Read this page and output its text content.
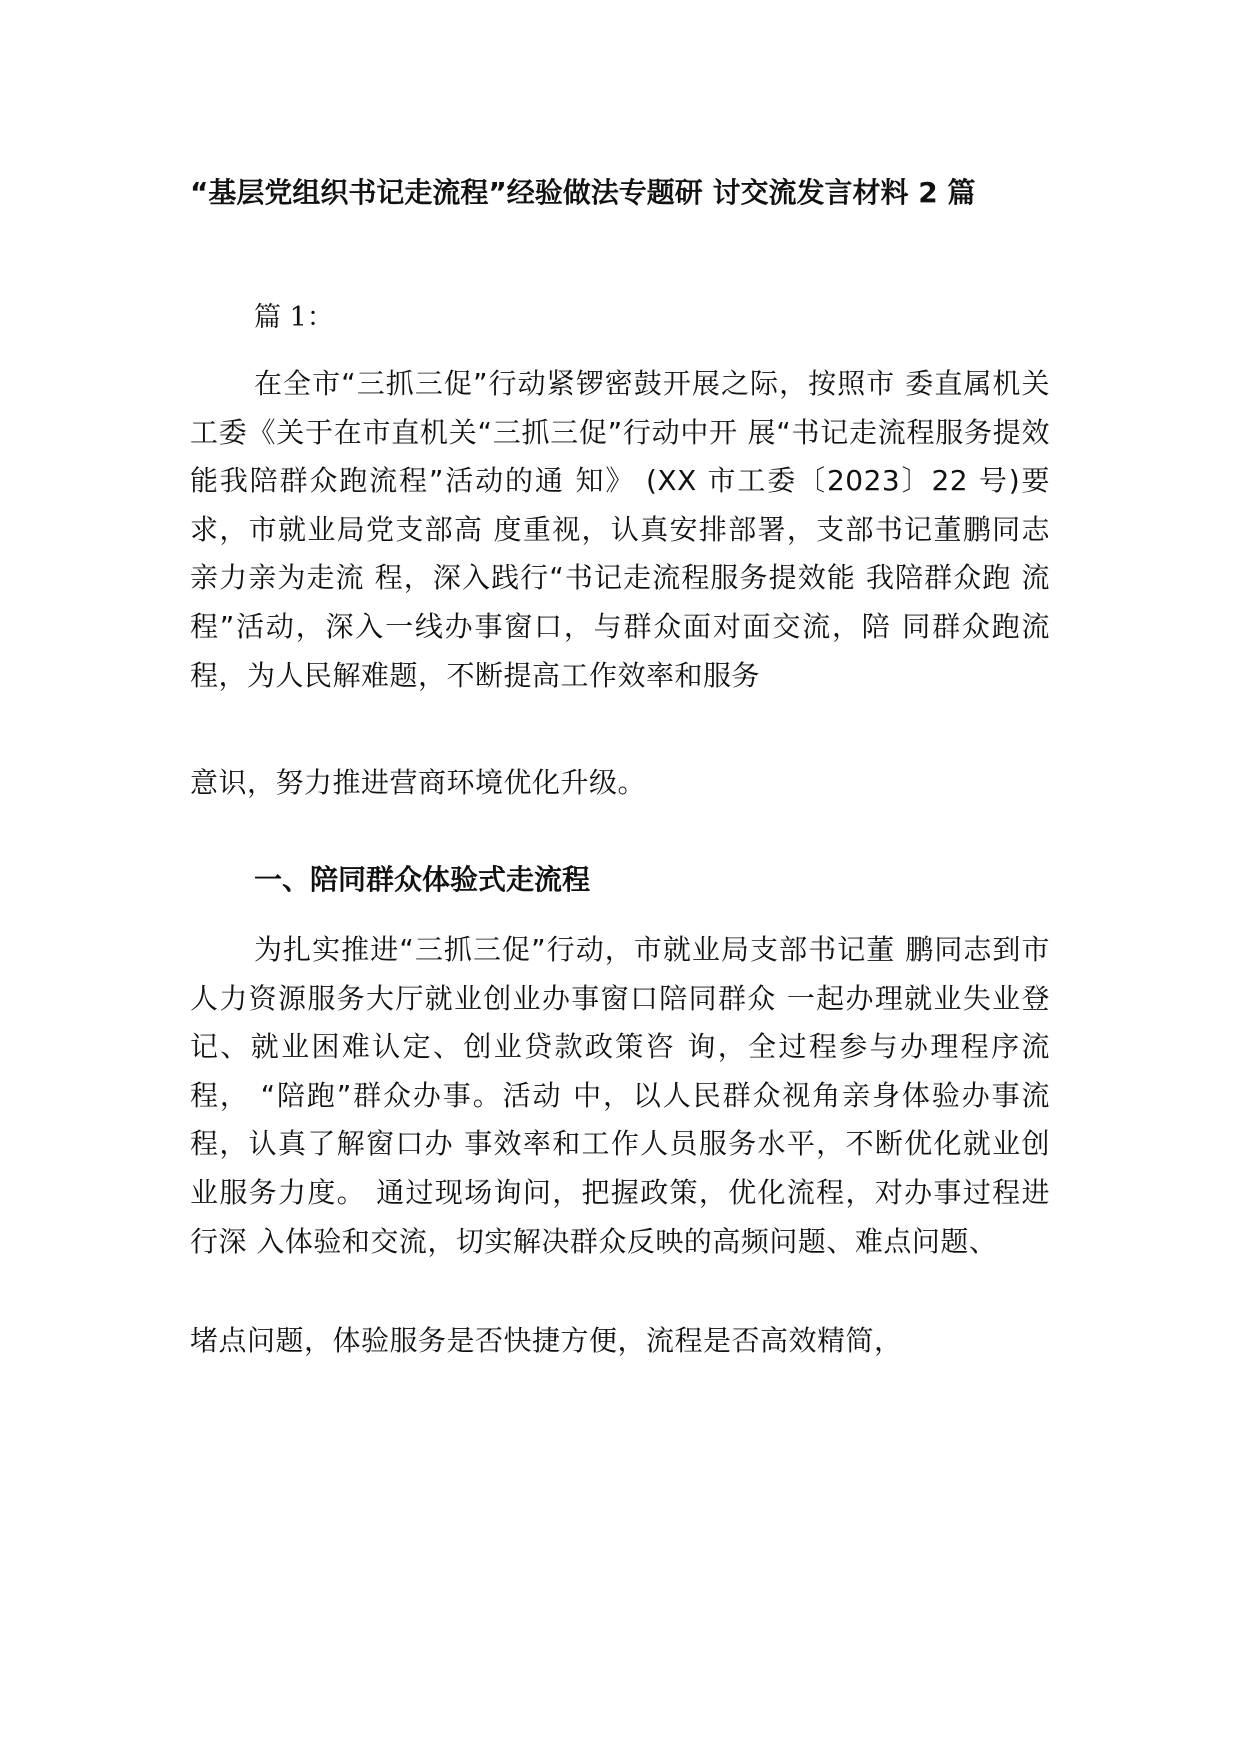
“基层党组织书记走流程”经验做法专题研 讨交流发言材料 2 篇
篇 1：
在全市“三抓三促”行动紧锣密鼓开展之际，按照市 委直属机关工委《关于在市直机关“三抓三促”行动中开 展“书记走流程服务提效能我陪群众跑流程”活动的通 知》 (XX 市工委〔2023〕22 号)要求，市就业局党支部高 度重视，认真安排部署，支部书记董鹏同志亲力亲为走流 程，深入践行“书记走流程服务提效能 我陪群众跑 流程”活动，深入一线办事窗口，与群众面对面交流，陪 同群众跑流程，为人民解难题，不断提高工作效率和服务
意识，努力推进营商环境优化升级。
一、陪同群众体验式走流程
为扎实推进“三抓三促”行动，市就业局支部书记董 鹏同志到市人力资源服务大厅就业创业办事窗口陪同群众 一起办理就业失业登记、就业困难认定、创业贷款政策咨 询，全过程参与办理程序流程， “陪跑”群众办事。活动 中，以人民群众视角亲身体验办事流程，认真了解窗口办 事效率和工作人员服务水平，不断优化就业创业服务力度。 通过现场询问，把握政策，优化流程，对办事过程进行深 入体验和交流，切实解决群众反映的高频问题、难点问题、
堵点问题，体验服务是否快捷方便，流程是否高效精简，
